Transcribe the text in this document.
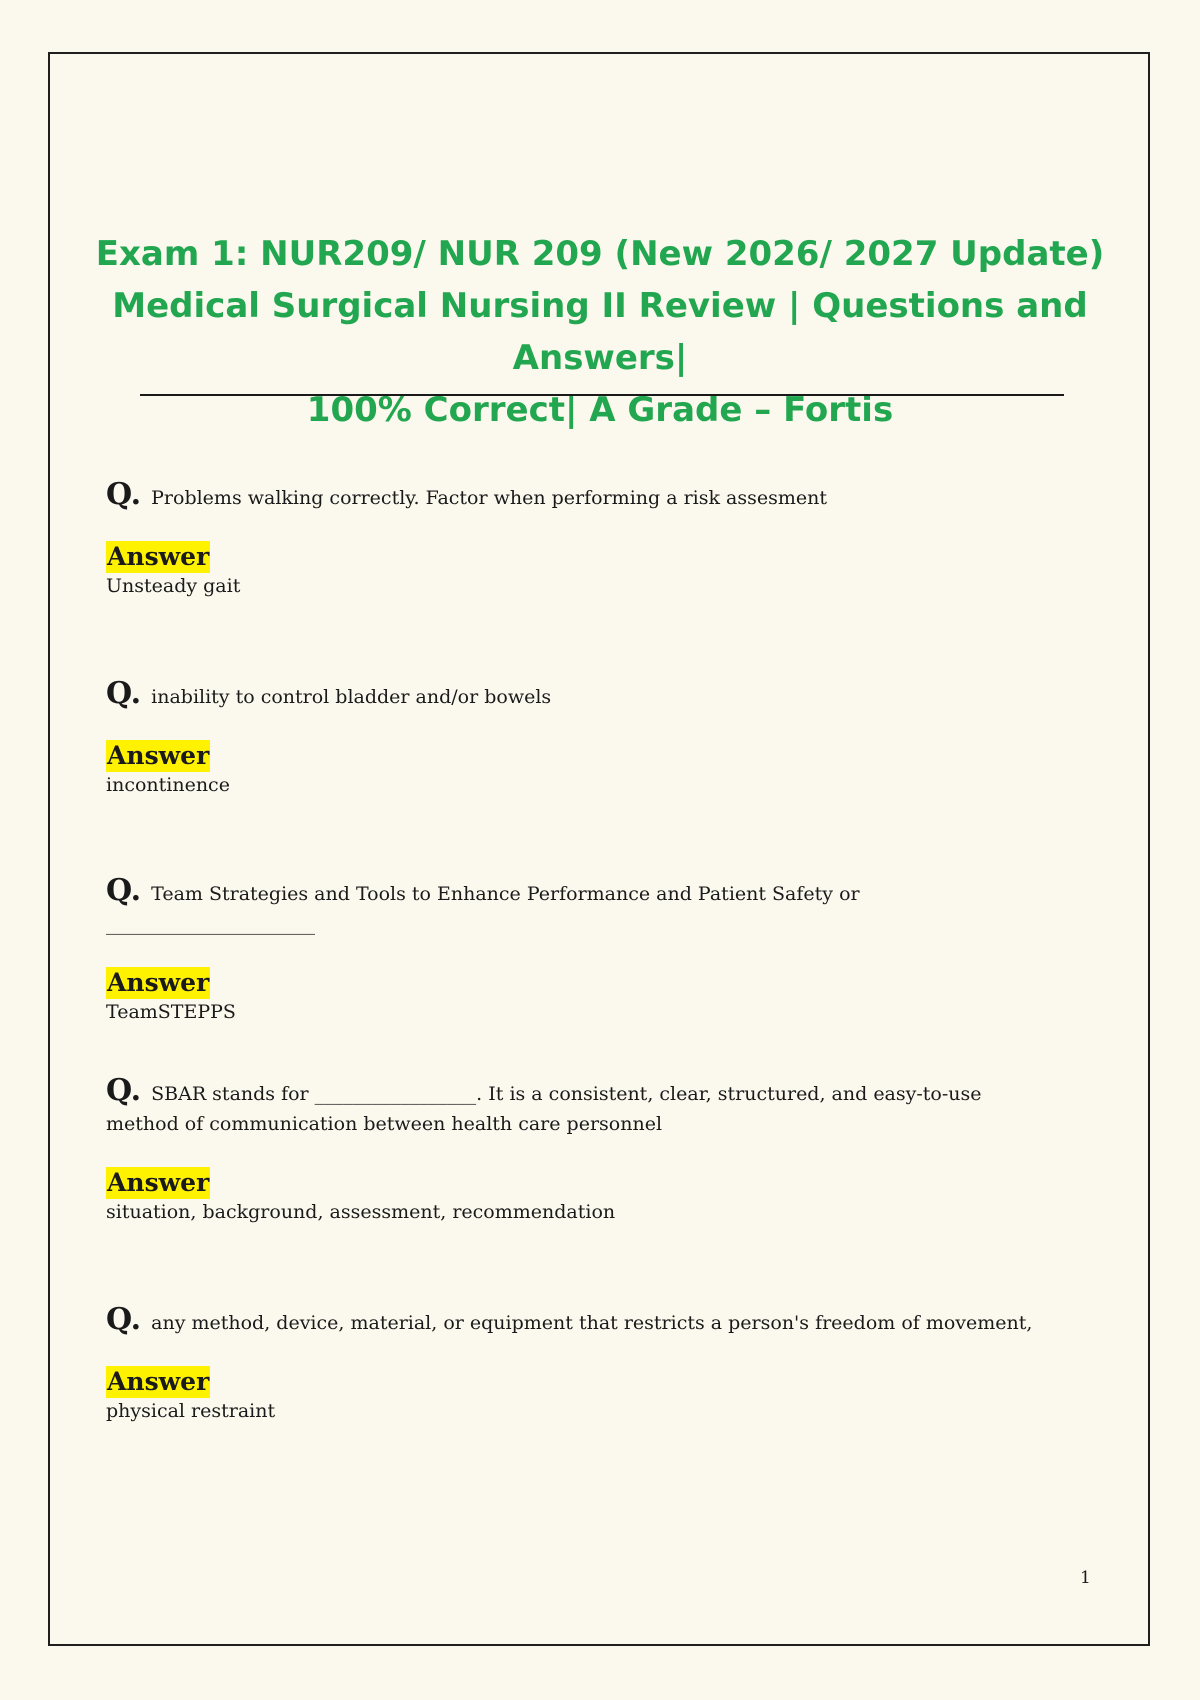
Exam 1: NUR209/ NUR 209 (New 2026/ 2027 Update)
Medical Surgical Nursing II Review | Questions and Answers|
100% Correct| A Grade – Fortis

Q. Problems walking correctly. Factor when performing a risk assesment

Answer

Unsteady gait

Q. inability to control bladder and/or bowels

Answer

incontinence

Q. Team Strategies and Tools to Enhance Performance and Patient Safety or ______________________

Answer

TeamSTEPPS

Q. SBAR stands for _________________. It is a consistent, clear, structured, and easy-to-use method of communication between health care personnel

Answer

situation, background, assessment, recommendation

Q. any method, device, material, or equipment that restricts a person's freedom of movement,

Answer

physical restraint

1
